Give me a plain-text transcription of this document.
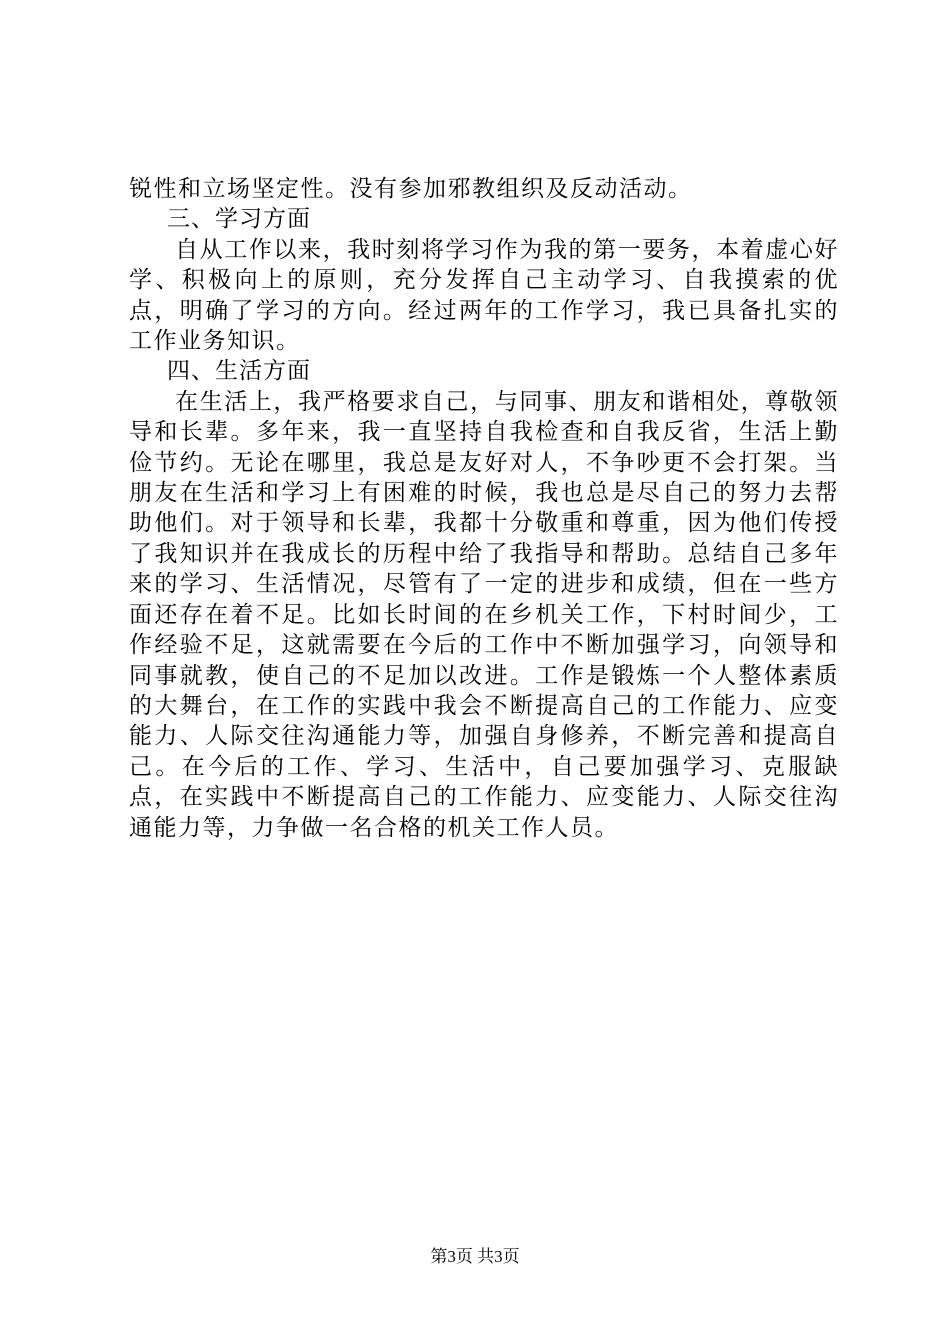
锐性和立场坚定性。没有参加邪教组织及反动活动。

三、学习方面

自从工作以来，我时刻将学习作为我的第一要务，本着虚心好学、积极向上的原则，充分发挥自己主动学习、自我摸索的优点，明确了学习的方向。经过两年的工作学习，我已具备扎实的工作业务知识。

四、生活方面

在生活上，我严格要求自己，与同事、朋友和谐相处，尊敬领导和长辈。多年来，我一直坚持自我检查和自我反省，生活上勤俭节约。无论在哪里，我总是友好对人，不争吵更不会打架。当朋友在生活和学习上有困难的时候，我也总是尽自己的努力去帮助他们。对于领导和长辈，我都十分敬重和尊重，因为他们传授了我知识并在我成长的历程中给了我指导和帮助。总结自己多年来的学习、生活情况，尽管有了一定的进步和成绩，但在一些方面还存在着不足。比如长时间的在乡机关工作，下村时间少，工作经验不足，这就需要在今后的工作中不断加强学习，向领导和同事就教，使自己的不足加以改进。工作是锻炼一个人整体素质的大舞台，在工作的实践中我会不断提高自己的工作能力、应变能力、人际交往沟通能力等，加强自身修养，不断完善和提高自己。在今后的工作、学习、生活中，自己要加强学习、克服缺点，在实践中不断提高自己的工作能力、应变能力、人际交往沟通能力等，力争做一名合格的机关工作人员。

第3页 共3页
